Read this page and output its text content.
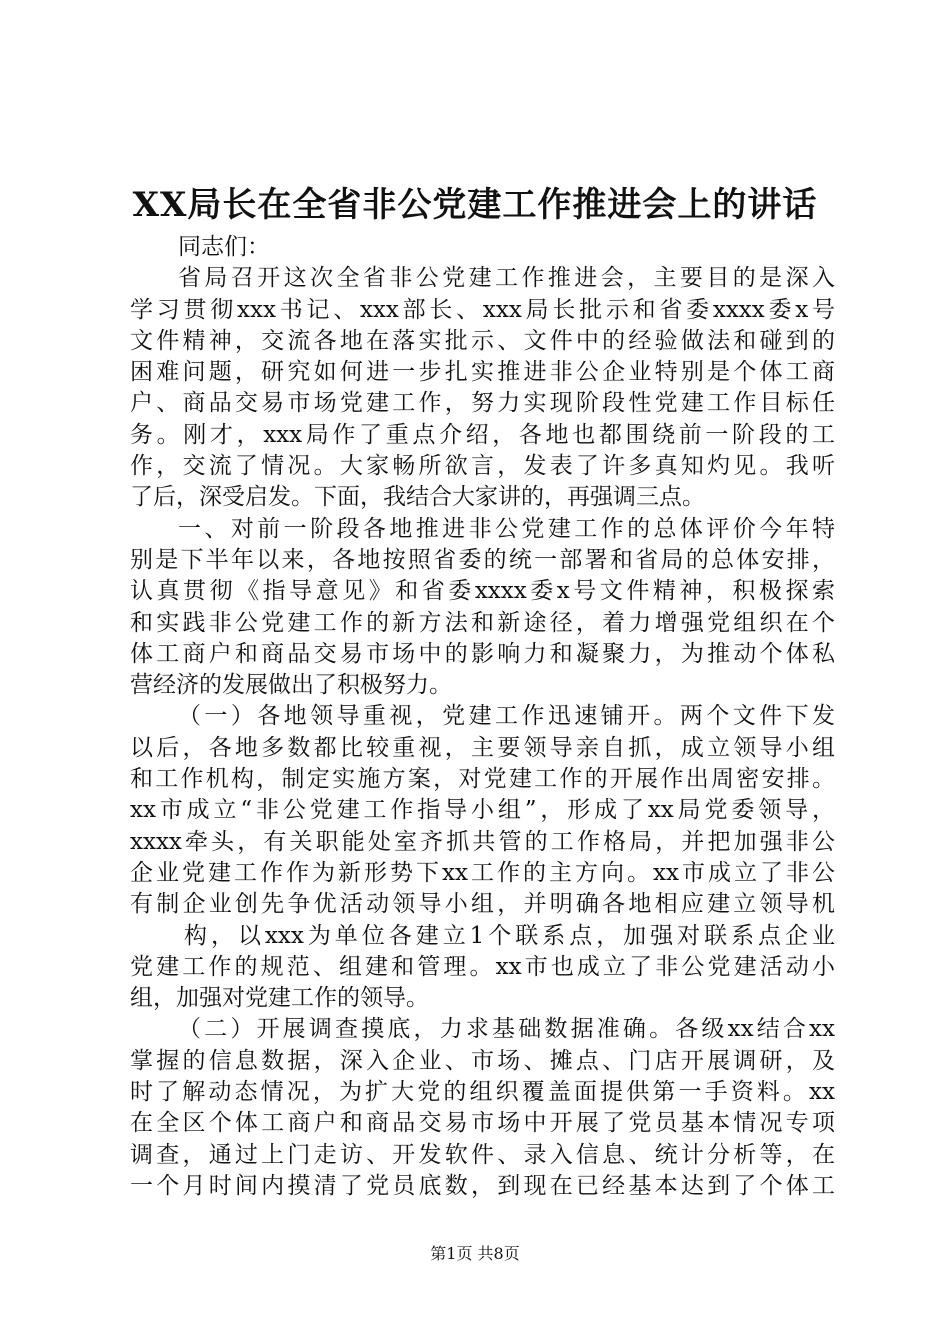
XX局长在全省非公党建工作推进会上的讲话
同志们：
省局召开这次全省非公党建工作推进会，主要目的是深入
学习贯彻xxx书记、xxx部长、xxx局长批示和省委xxxx委x号
文件精神，交流各地在落实批示、文件中的经验做法和碰到的
困难问题，研究如何进一步扎实推进非公企业特别是个体工商
户、商品交易市场党建工作，努力实现阶段性党建工作目标任
务。刚才，xxx局作了重点介绍，各地也都围绕前一阶段的工
作，交流了情况。大家畅所欲言，发表了许多真知灼见。我听
了后，深受启发。下面，我结合大家讲的，再强调三点。
一、对前一阶段各地推进非公党建工作的总体评价今年特
别是下半年以来，各地按照省委的统一部署和省局的总体安排，
认真贯彻《指导意见》和省委xxxx委x号文件精神，积极探索
和实践非公党建工作的新方法和新途径，着力增强党组织在个
体工商户和商品交易市场中的影响力和凝聚力，为推动个体私
营经济的发展做出了积极努力。
（一）各地领导重视，党建工作迅速铺开。两个文件下发
以后，各地多数都比较重视，主要领导亲自抓，成立领导小组
和工作机构，制定实施方案，对党建工作的开展作出周密安排。
xx市成立“非公党建工作指导小组”，形成了xx局党委领导，
xxxx牵头，有关职能处室齐抓共管的工作格局，并把加强非公
企业党建工作作为新形势下xx工作的主方向。xx市成立了非公
有制企业创先争优活动领导小组，并明确各地相应建立领导机
构，以xxx为单位各建立1个联系点，加强对联系点企业
党建工作的规范、组建和管理。xx市也成立了非公党建活动小
组，加强对党建工作的领导。
（二）开展调查摸底，力求基础数据准确。各级xx结合xx
掌握的信息数据，深入企业、市场、摊点、门店开展调研，及
时了解动态情况，为扩大党的组织覆盖面提供第一手资料。xx
在全区个体工商户和商品交易市场中开展了党员基本情况专项
调查，通过上门走访、开发软件、录入信息、统计分析等，在
一个月时间内摸清了党员底数，到现在已经基本达到了个体工
第1页 共8页
